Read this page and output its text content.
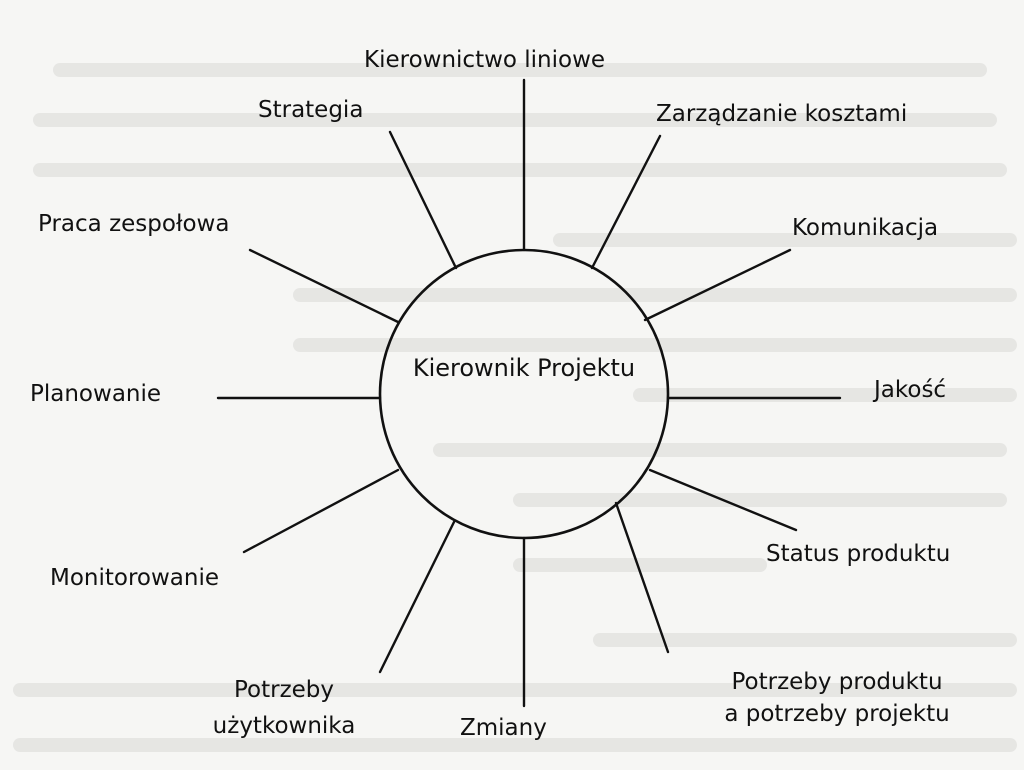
Kierownik Projektu
Kierownictwo liniowe
Strategia	Zarządzanie kosztami
Praca zespołowa	Komunikacja
Planowanie	Jakość
Monitorowanie
Status produktu
Potrzeby
użytkownika	Zmiany
Potrzeby produktu
a potrzeby projektu
